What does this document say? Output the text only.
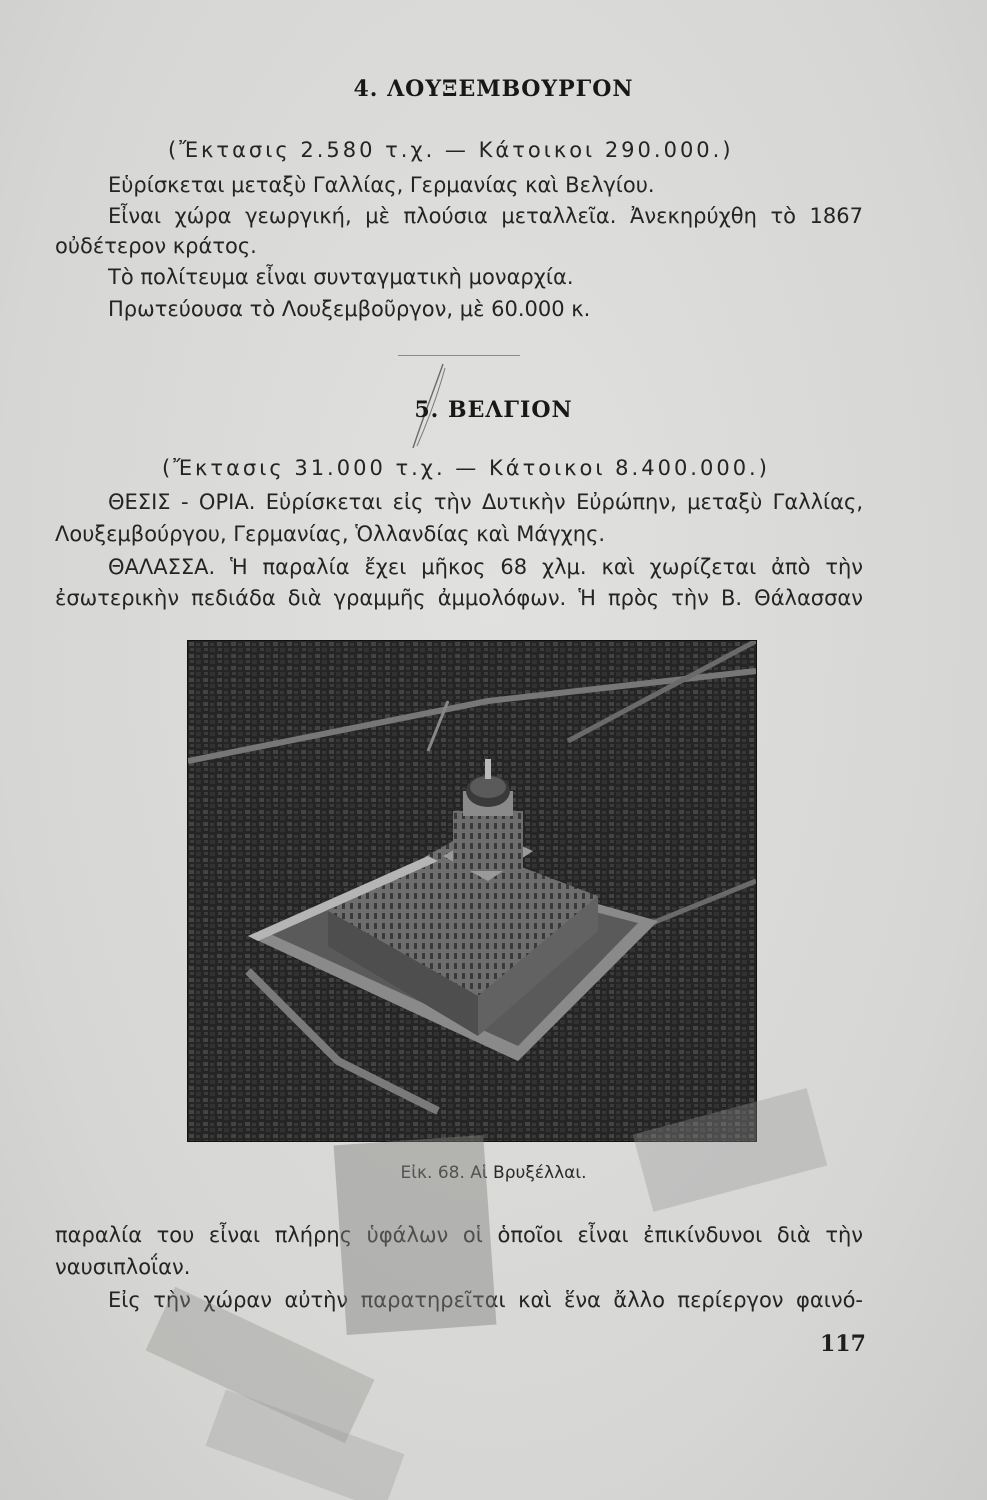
4. ΛΟΥΞΕΜΒΟΥΡΓΟΝ
(Ἔκτασις 2.580 τ.χ. — Κάτοικοι 290.000.)
Εὑρίσκεται μεταξὺ Γαλλίας, Γερμανίας καὶ Βελγίου.
Εἶναι χώρα γεωργική, μὲ πλούσια μεταλλεῖα. Ἀνεκηρύχθη τὸ 1867
οὐδέτερον κράτος.
Τὸ πολίτευμα εἶναι συνταγματικὴ μοναρχία.
Πρωτεύουσα τὸ Λουξεμβοῦργον, μὲ 60.000 κ.
5. ΒΕΛΓΙΟΝ
(Ἔκτασις 31.000 τ.χ. — Κάτοικοι 8.400.000.)
ΘΕΣΙΣ - ΟΡΙΑ. Εὑρίσκεται εἰς τὴν Δυτικὴν Εὐρώπην, μεταξὺ Γαλλίας,
Λουξεμβούργου, Γερμανίας, Ὁλλανδίας καὶ Μάγχης.
ΘΑΛΑΣΣΑ. Ἡ παραλία ἔχει μῆκος 68 χλμ. καὶ χωρίζεται ἀπὸ τὴν
ἐσωτερικὴν πεδιάδα διὰ γραμμῆς ἀμμολόφων. Ἡ πρὸς τὴν Β. Θάλασσαν
Εἰκ. 68. Αἱ Βρυξέλλαι.
παραλία του εἶναι πλήρης ὑφάλων οἱ ὁποῖοι εἶναι ἐπικίνδυνοι διὰ τὴν
ναυσιπλοΐαν.
Εἰς τὴν χώραν αὐτὴν παρατηρεῖται καὶ ἕνα ἄλλο περίεργον φαινό-
117
